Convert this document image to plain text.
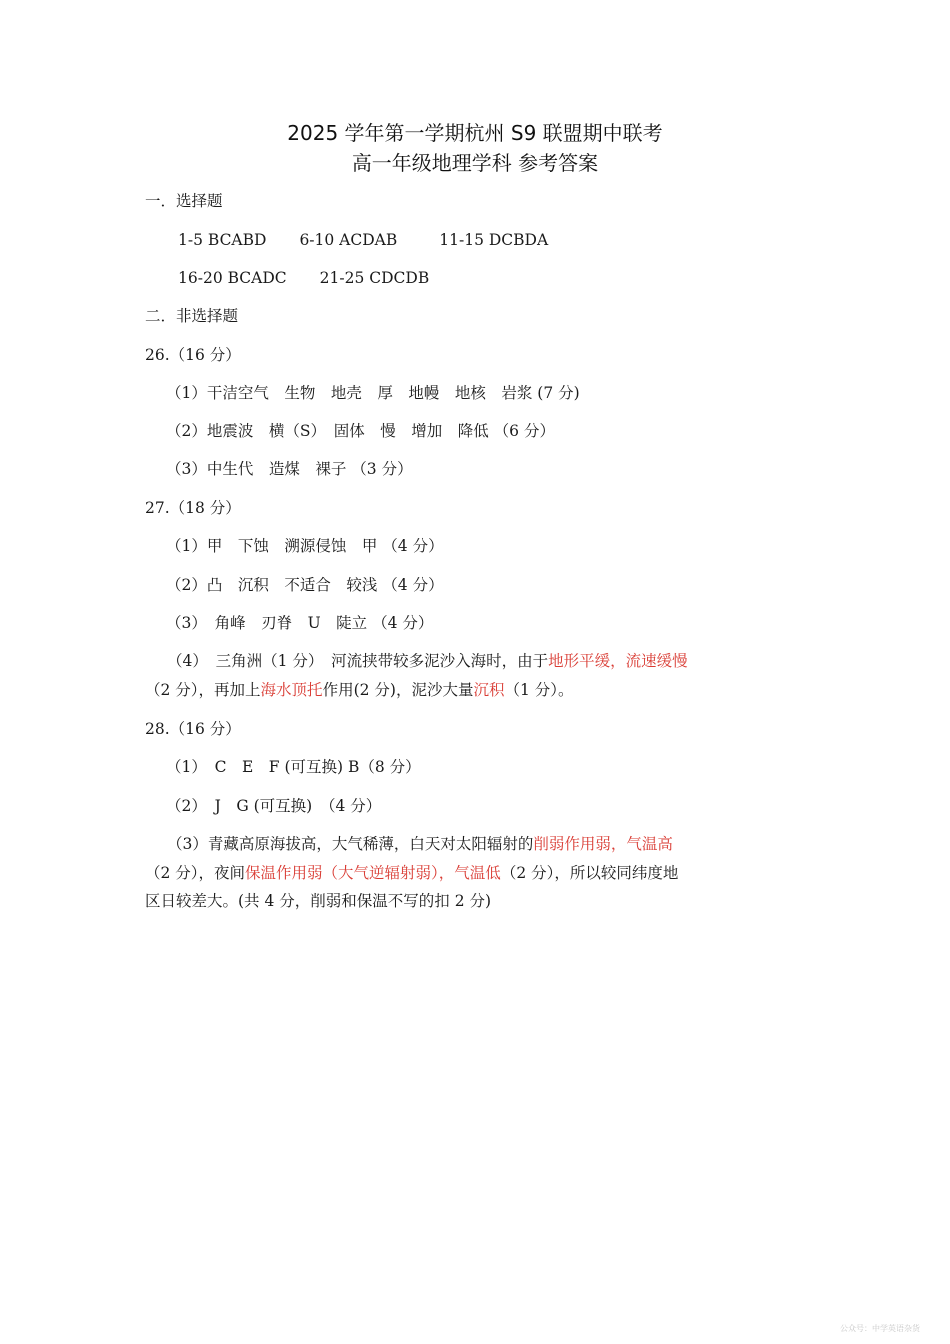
2025 学年第一学期杭州 S9 联盟期中联考
高一年级地理学科 参考答案
一．选择题
1-5 BCABD 6-10 ACDAB	11-15 DCBDA
16-20 BCADC 21-25 CDCDB
二．非选择题
26.（16 分）
（1）干洁空气　生物　地壳　厚　地幔　地核　岩浆 (7 分)
（2）地震波　横（S）　固体　慢　增加　降低 （6 分）
（3）中生代　造煤　裸子 （3 分）
27.（18 分）
（1）甲　下蚀　溯源侵蚀　甲 （4 分）
（2）凸　沉积　不适合　较浅 （4 分）
（3）　角峰　刃脊　U　陡立 （4 分）
（4）　三角洲（1 分）　河流挟带较多泥沙入海时，由于地形平缓，流速缓慢（2 分），再加上海水顶托作用(2 分)，泥沙大量沉积（1 分）。
28.（16 分）
（1）　C　E　F (可互换) B（8 分）
（2）　J　G (可互换)　（4 分）
（3）青藏高原海拔高，大气稀薄，白天对太阳辐射的削弱作用弱，气温高（2 分），夜间保温作用弱（大气逆辐射弱），气温低（2 分），所以较同纬度地区日较差大。(共 4 分，削弱和保温不写的扣 2 分)
公众号：中学英语杂货
